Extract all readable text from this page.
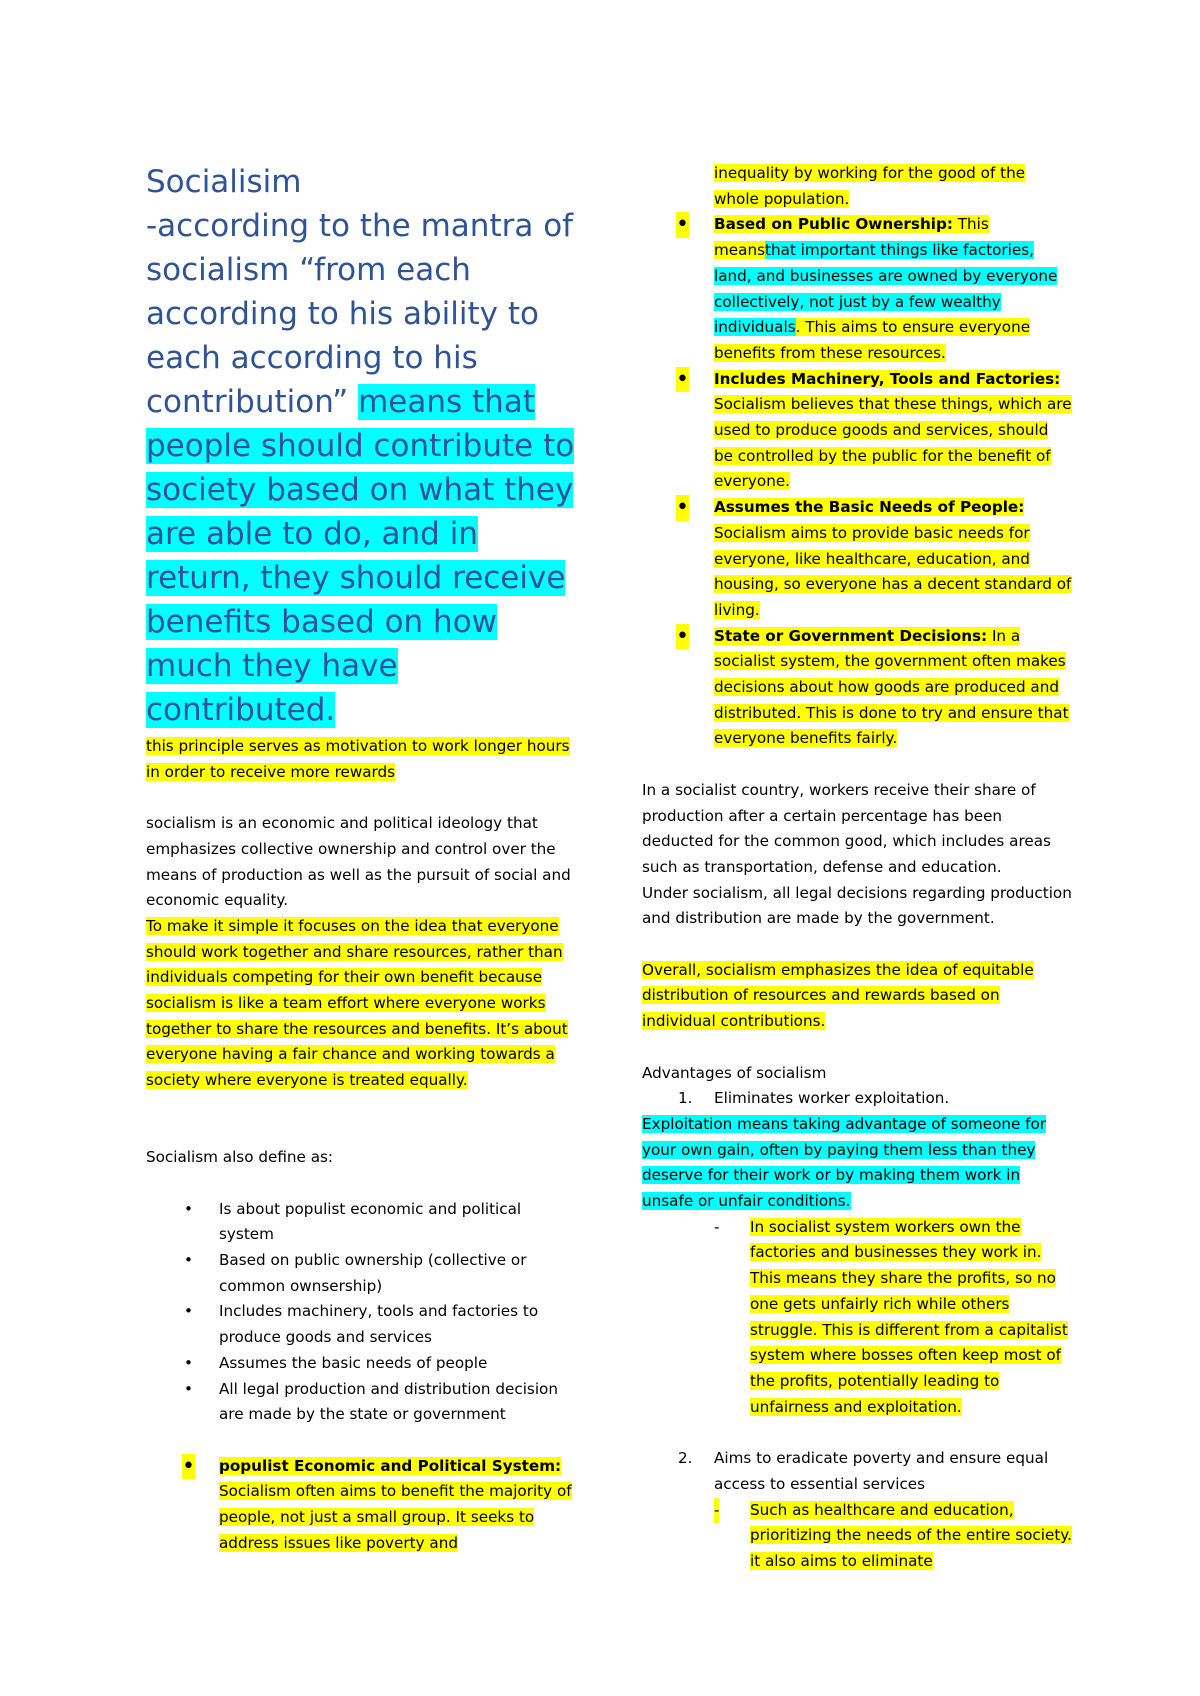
Socialisim
-according to the mantra of socialism “from each according to his ability to each according to his contribution” means that people should contribute to society based on what they are able to do, and in return, they should receive benefits based on how much they have contributed.

this principle serves as motivation to work longer hours in order to receive more rewards

socialism is an economic and political ideology that emphasizes collective ownership and control over the means of production as well as the pursuit of social and economic equality.

To make it simple it focuses on the idea that everyone should work together and share resources, rather than individuals competing for their own benefit because socialism is like a team effort where everyone works together to share the resources and benefits. It’s about everyone having a fair chance and working towards a society where everyone is treated equally.

Socialism also define as:

• Is about populist economic and political system
• Based on public ownership (collective or common ownsership)
• Includes machinery, tools and factories to produce goods and services
• Assumes the basic needs of people
• All legal production and distribution decision are made by the state or government
• populist Economic and Political System: Socialism often aims to benefit the majority of people, not just a small group. It seeks to address issues like poverty and

inequality by working for the good of the whole population.

• Based on Public Ownership: This meansthat important things like factories, land, and businesses are owned by everyone collectively, not just by a few wealthy individuals. This aims to ensure everyone benefits from these resources.
• Includes Machinery, Tools and Factories: Socialism believes that these things, which are used to produce goods and services, should be controlled by the public for the benefit of everyone.
• Assumes the Basic Needs of People: Socialism aims to provide basic needs for everyone, like healthcare, education, and housing, so everyone has a decent standard of living.
• State or Government Decisions: In a socialist system, the government often makes decisions about how goods are produced and distributed. This is done to try and ensure that everyone benefits fairly.

In a socialist country, workers receive their share of production after a certain percentage has been deducted for the common good, which includes areas such as transportation, defense and education.

Under socialism, all legal decisions regarding production and distribution are made by the government.

Overall, socialism emphasizes the idea of equitable distribution of resources and rewards based on individual contributions.

Advantages of socialism

1. Eliminates worker exploitation.

Exploitation means taking advantage of someone for your own gain, often by paying them less than they deserve for their work or by making them work in unsafe or unfair conditions.

- In socialist system workers own the factories and businesses they work in. This means they share the profits, so no one gets unfairly rich while others struggle. This is different from a capitalist system where bosses often keep most of the profits, potentially leading to unfairness and exploitation.
2. Aims to eradicate poverty and ensure equal access to essential services
- Such as healthcare and education, prioritizing the needs of the entire society. it also aims to eliminate
